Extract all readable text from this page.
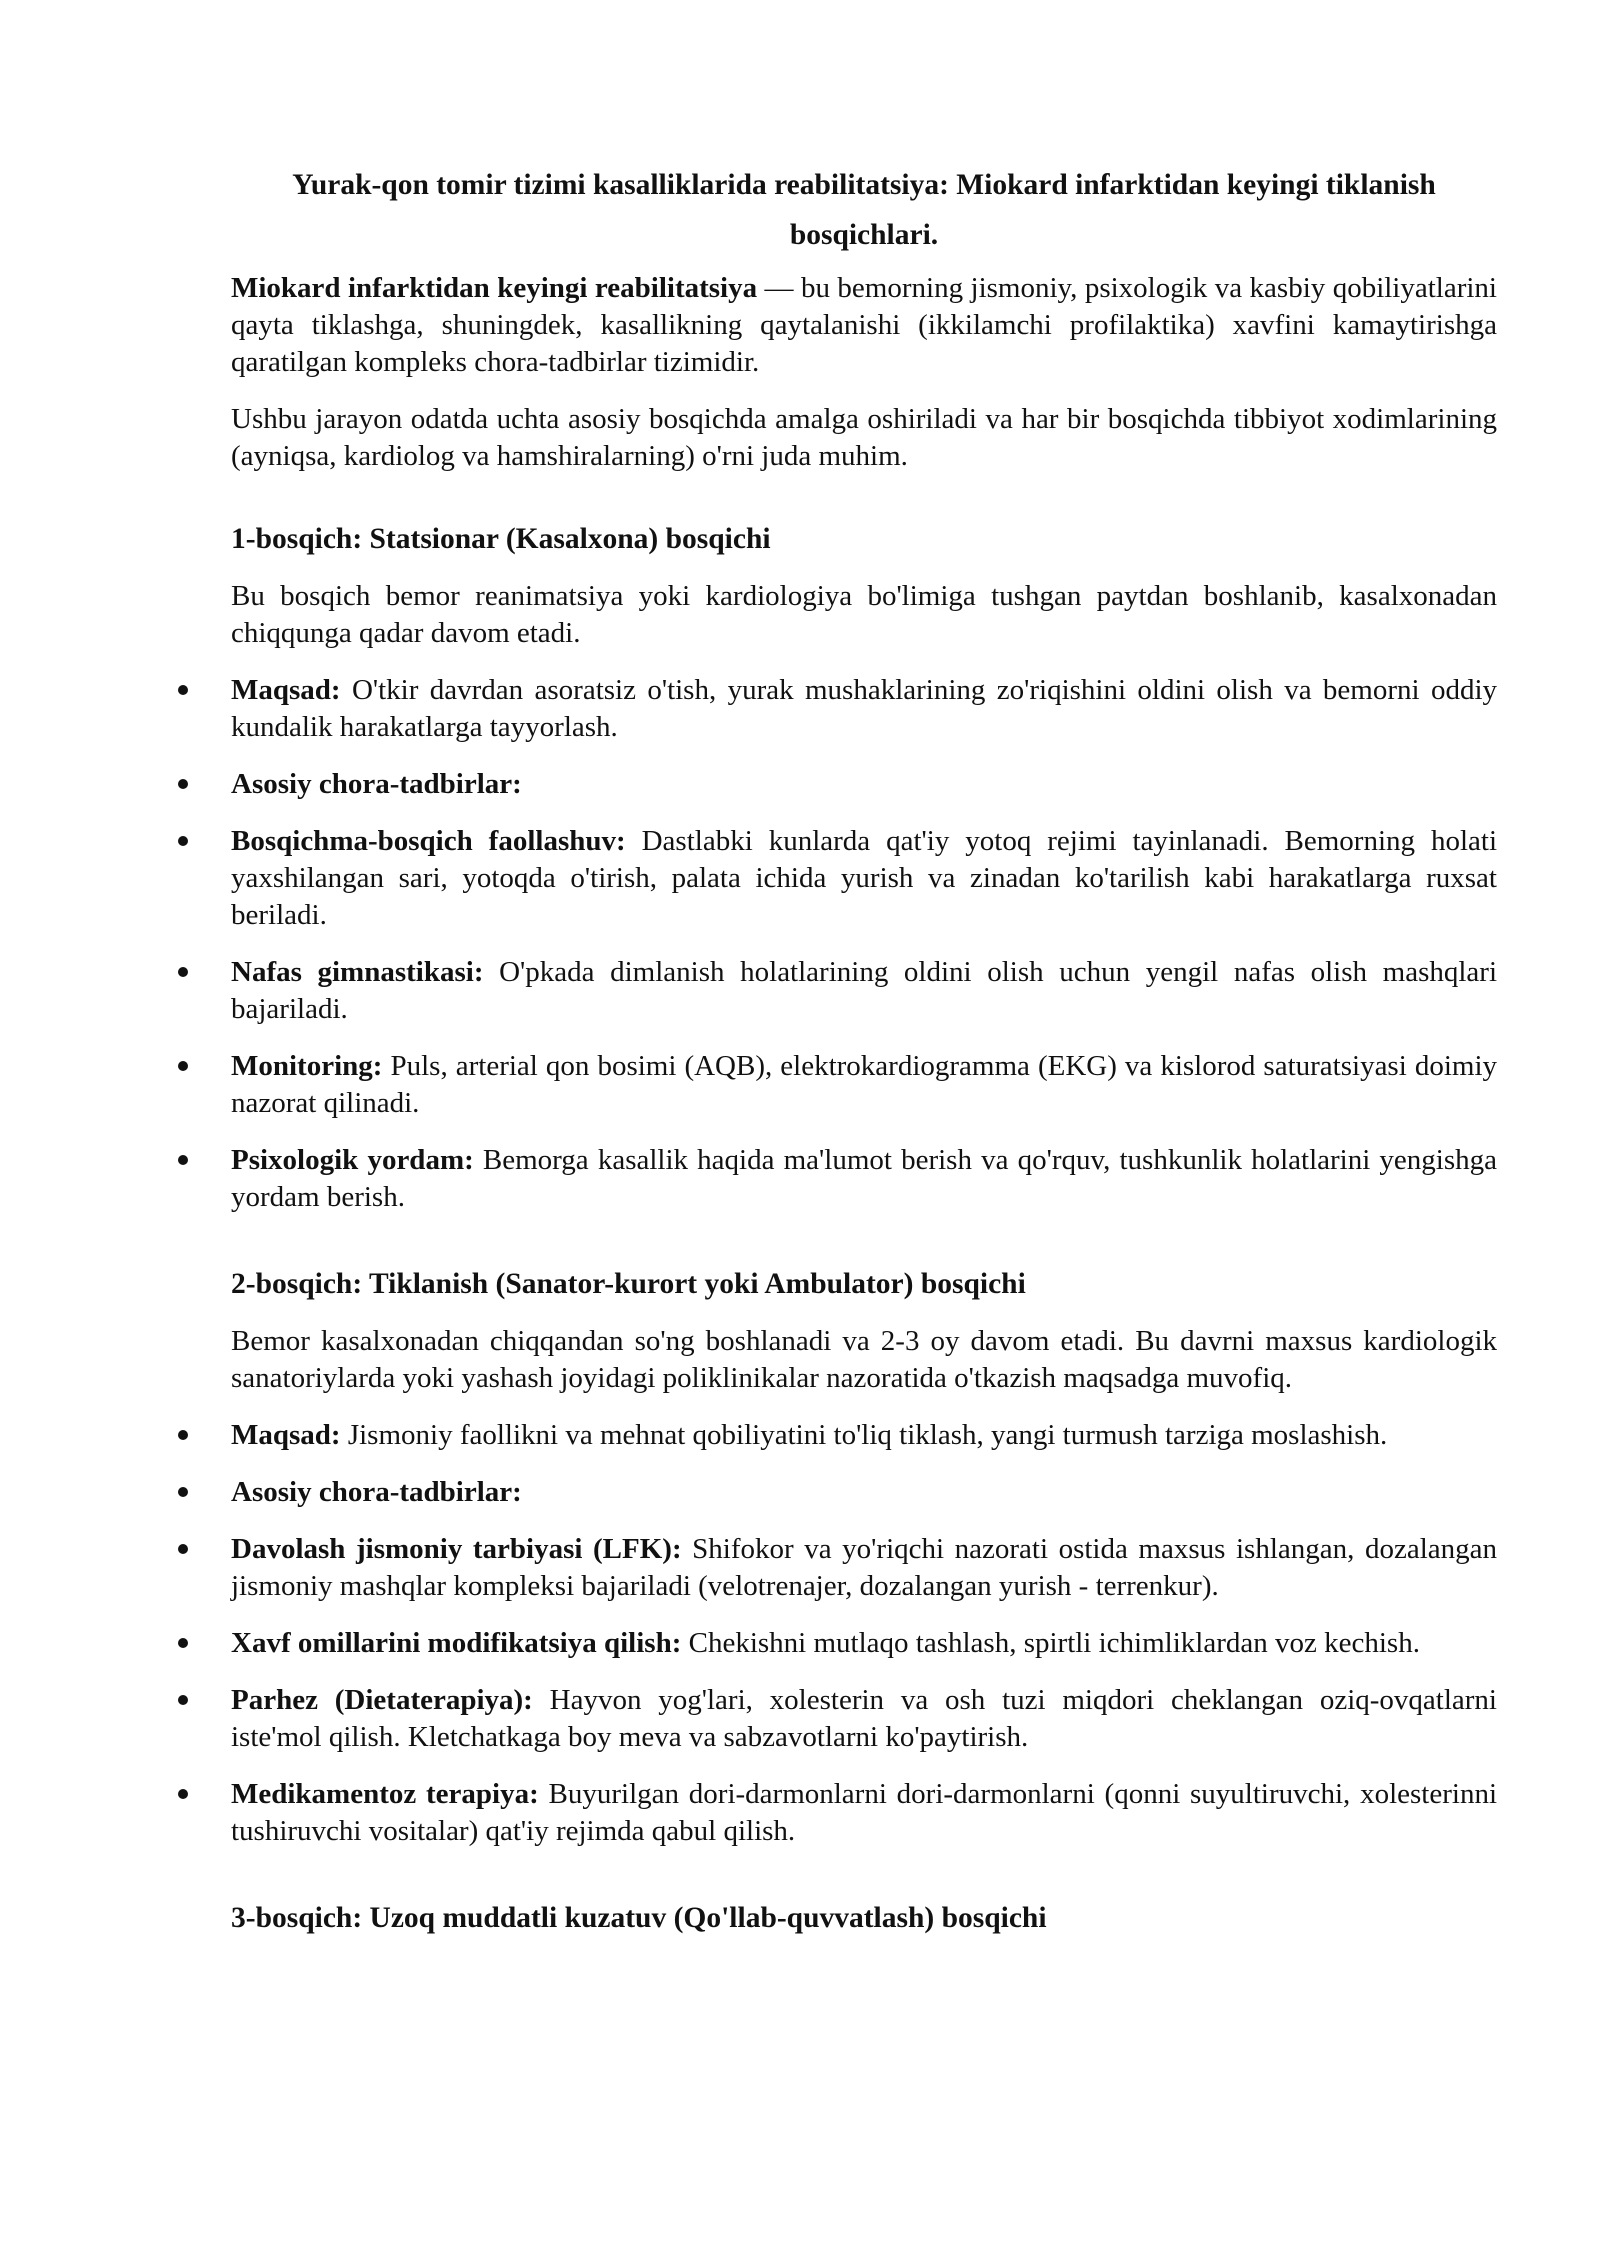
Yurak-qon tomir tizimi kasalliklarida reabilitatsiya: Miokard infarktidan keyingi tiklanish
bosqichlari.

Miokard infarktidan keyingi reabilitatsiya — bu bemorning jismoniy, psixologik va kasbiy qobiliyatlarini qayta tiklashga, shuningdek, kasallikning qaytalanishi (ikkilamchi profilaktika) xavfini kamaytirishga qaratilgan kompleks chora-tadbirlar tizimidir.

Ushbu jarayon odatda uchta asosiy bosqichda amalga oshiriladi va har bir bosqichda tibbiyot xodimlarining (ayniqsa, kardiolog va hamshiralarning) o'rni juda muhim.

1-bosqich: Statsionar (Kasalxona) bosqichi

Bu bosqich bemor reanimatsiya yoki kardiologiya bo'limiga tushgan paytdan boshlanib, kasalxonadan chiqqunga qadar davom etadi.

Maqsad: O'tkir davrdan asoratsiz o'tish, yurak mushaklarining zo'riqishini oldini olish va bemorni oddiy kundalik harakatlarga tayyorlash.
Asosiy chora-tadbirlar:
Bosqichma-bosqich faollashuv: Dastlabki kunlarda qat'iy yotoq rejimi tayinlanadi. Bemorning holati yaxshilangan sari, yotoqda o'tirish, palata ichida yurish va zinadan ko'tarilish kabi harakatlarga ruxsat beriladi.
Nafas gimnastikasi: O'pkada dimlanish holatlarining oldini olish uchun yengil nafas olish mashqlari bajariladi.
Monitoring: Puls, arterial qon bosimi (AQB), elektrokardiogramma (EKG) va kislorod saturatsiyasi doimiy nazorat qilinadi.
Psixologik yordam: Bemorga kasallik haqida ma'lumot berish va qo'rquv, tushkunlik holatlarini yengishga yordam berish.
2-bosqich: Tiklanish (Sanator-kurort yoki Ambulator) bosqichi

Bemor kasalxonadan chiqqandan so'ng boshlanadi va 2-3 oy davom etadi. Bu davrni maxsus kardiologik sanatoriylarda yoki yashash joyidagi poliklinikalar nazoratida o'tkazish maqsadga muvofiq.

Maqsad: Jismoniy faollikni va mehnat qobiliyatini to'liq tiklash, yangi turmush tarziga moslashish.
Asosiy chora-tadbirlar:
Davolash jismoniy tarbiyasi (LFK): Shifokor va yo'riqchi nazorati ostida maxsus ishlangan, dozalangan jismoniy mashqlar kompleksi bajariladi (velotrenajer, dozalangan yurish - terrenkur).
Xavf omillarini modifikatsiya qilish: Chekishni mutlaqo tashlash, spirtli ichimliklardan voz kechish.
Parhez (Dietaterapiya): Hayvon yog'lari, xolesterin va osh tuzi miqdori cheklangan oziq-ovqatlarni iste'mol qilish. Kletchatkaga boy meva va sabzavotlarni ko'paytirish.
Medikamentoz terapiya: Buyurilgan dori-darmonlarni dori-darmonlarni (qonni suyultiruvchi, xolesterinni tushiruvchi vositalar) qat'iy rejimda qabul qilish.
3-bosqich: Uzoq muddatli kuzatuv (Qo'llab-quvvatlash) bosqichi
